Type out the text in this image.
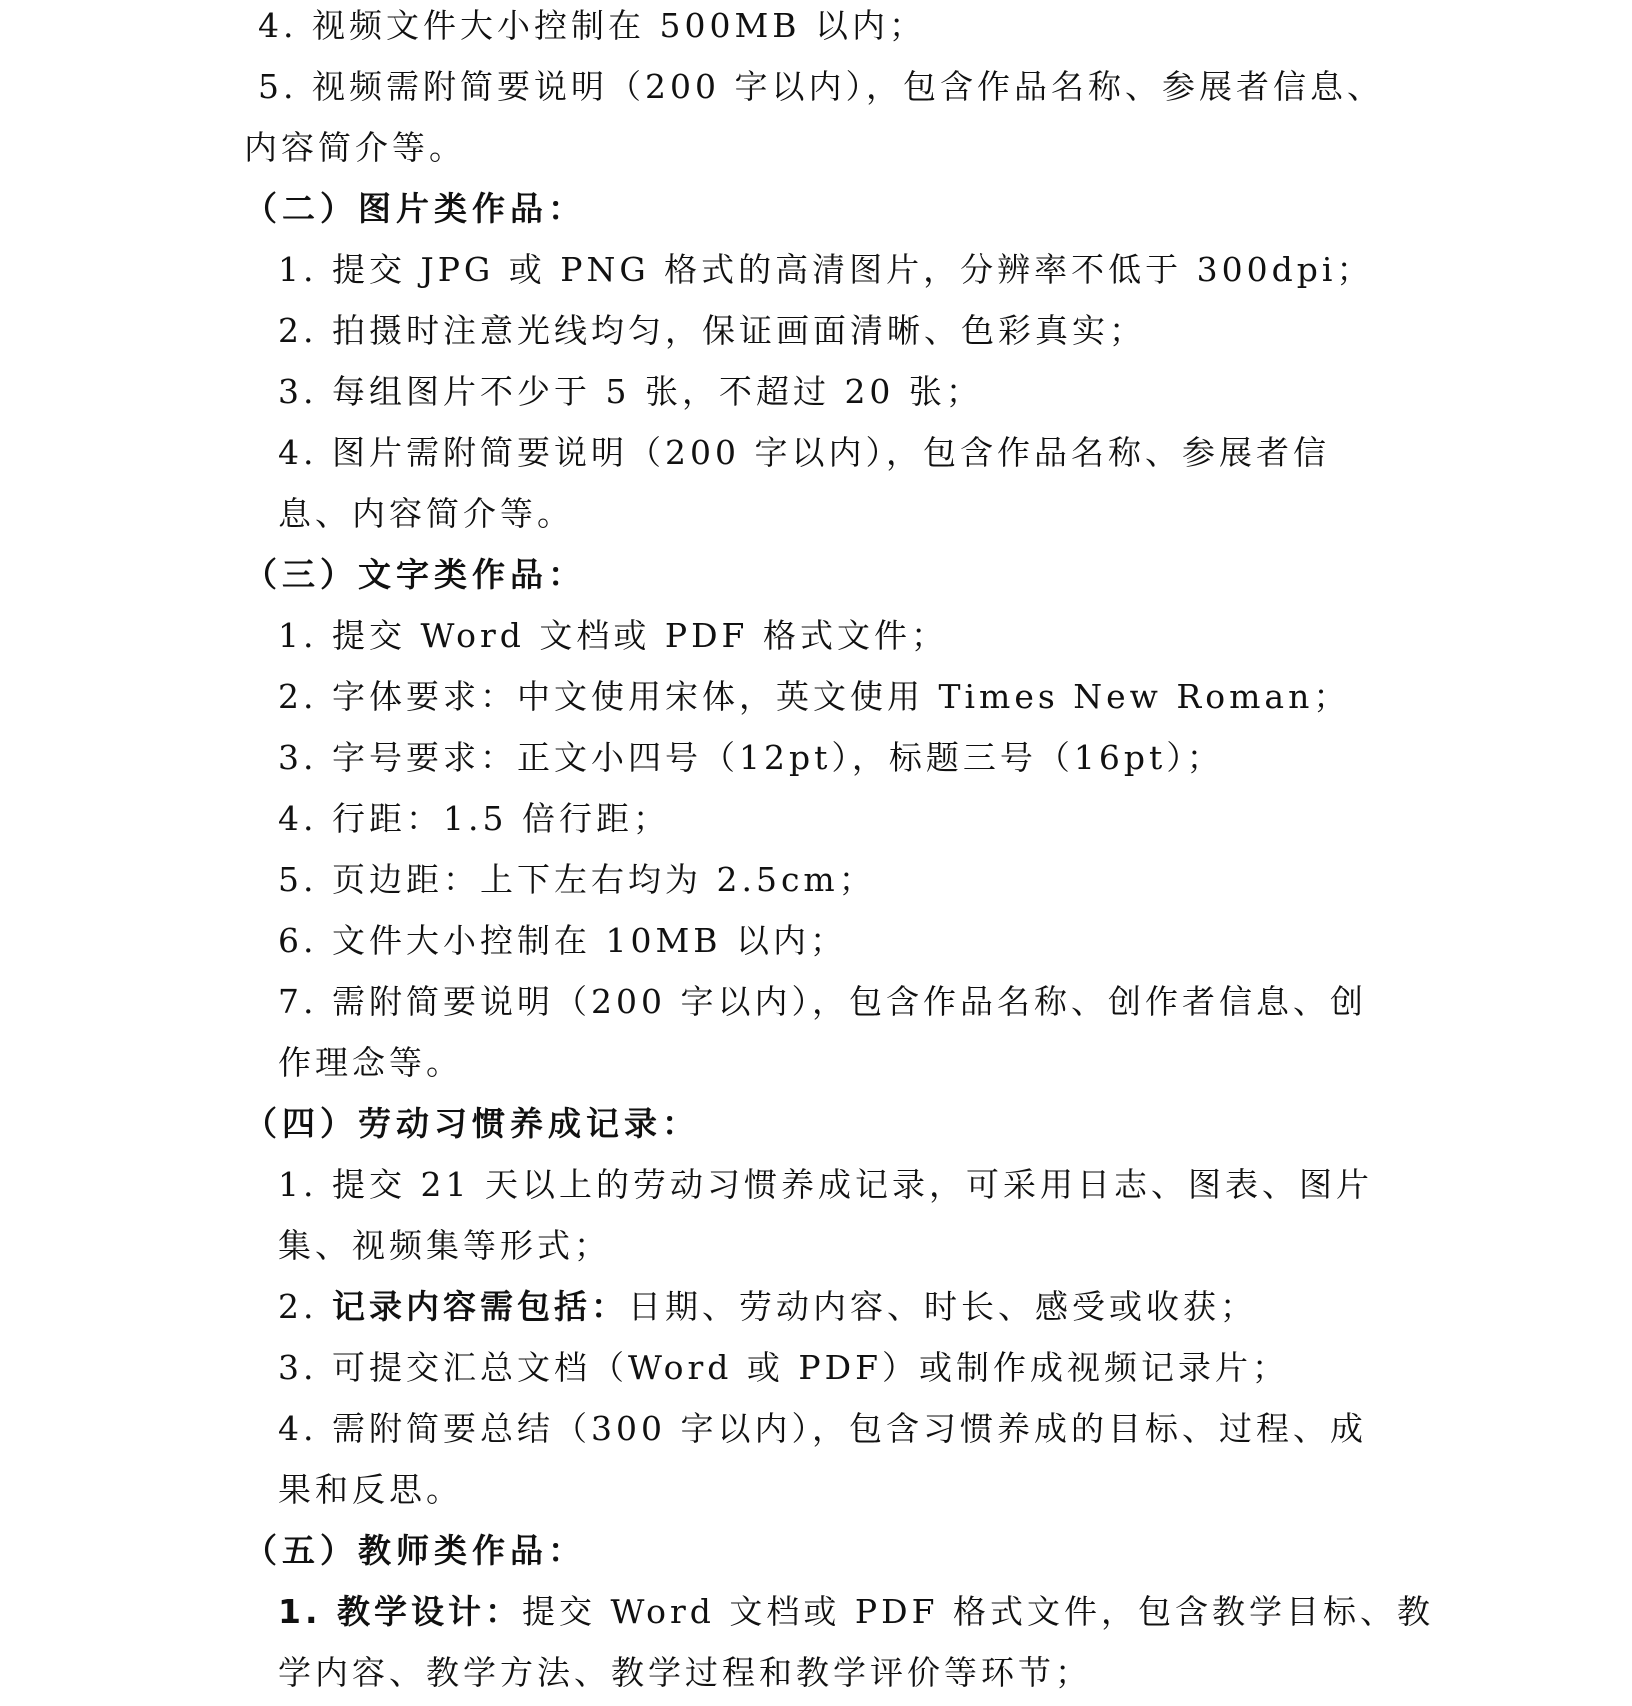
4. 视频文件大小控制在 500MB 以内；
5. 视频需附简要说明（200 字以内），包含作品名称、参展者信息、
内容简介等。
（二）图片类作品：
1. 提交 JPG 或 PNG 格式的高清图片，分辨率不低于 300dpi；
2. 拍摄时注意光线均匀，保证画面清晰、色彩真实；
3. 每组图片不少于 5 张，不超过 20 张；
4. 图片需附简要说明（200 字以内），包含作品名称、参展者信
息、内容简介等。
（三）文字类作品：
1. 提交 Word 文档或 PDF 格式文件；
2. 字体要求：中文使用宋体，英文使用 Times New Roman；
3. 字号要求：正文小四号（12pt），标题三号（16pt）；
4. 行距：1.5 倍行距；
5. 页边距：上下左右均为 2.5cm；
6. 文件大小控制在 10MB 以内；
7. 需附简要说明（200 字以内），包含作品名称、创作者信息、创
作理念等。
（四）劳动习惯养成记录：
1. 提交 21 天以上的劳动习惯养成记录，可采用日志、图表、图片
集、视频集等形式；
2. 记录内容需包括：日期、劳动内容、时长、感受或收获；
3. 可提交汇总文档（Word 或 PDF）或制作成视频记录片；
4. 需附简要总结（300 字以内），包含习惯养成的目标、过程、成
果和反思。
（五）教师类作品：
1. 教学设计：提交 Word 文档或 PDF 格式文件，包含教学目标、教
学内容、教学方法、教学过程和教学评价等环节；
